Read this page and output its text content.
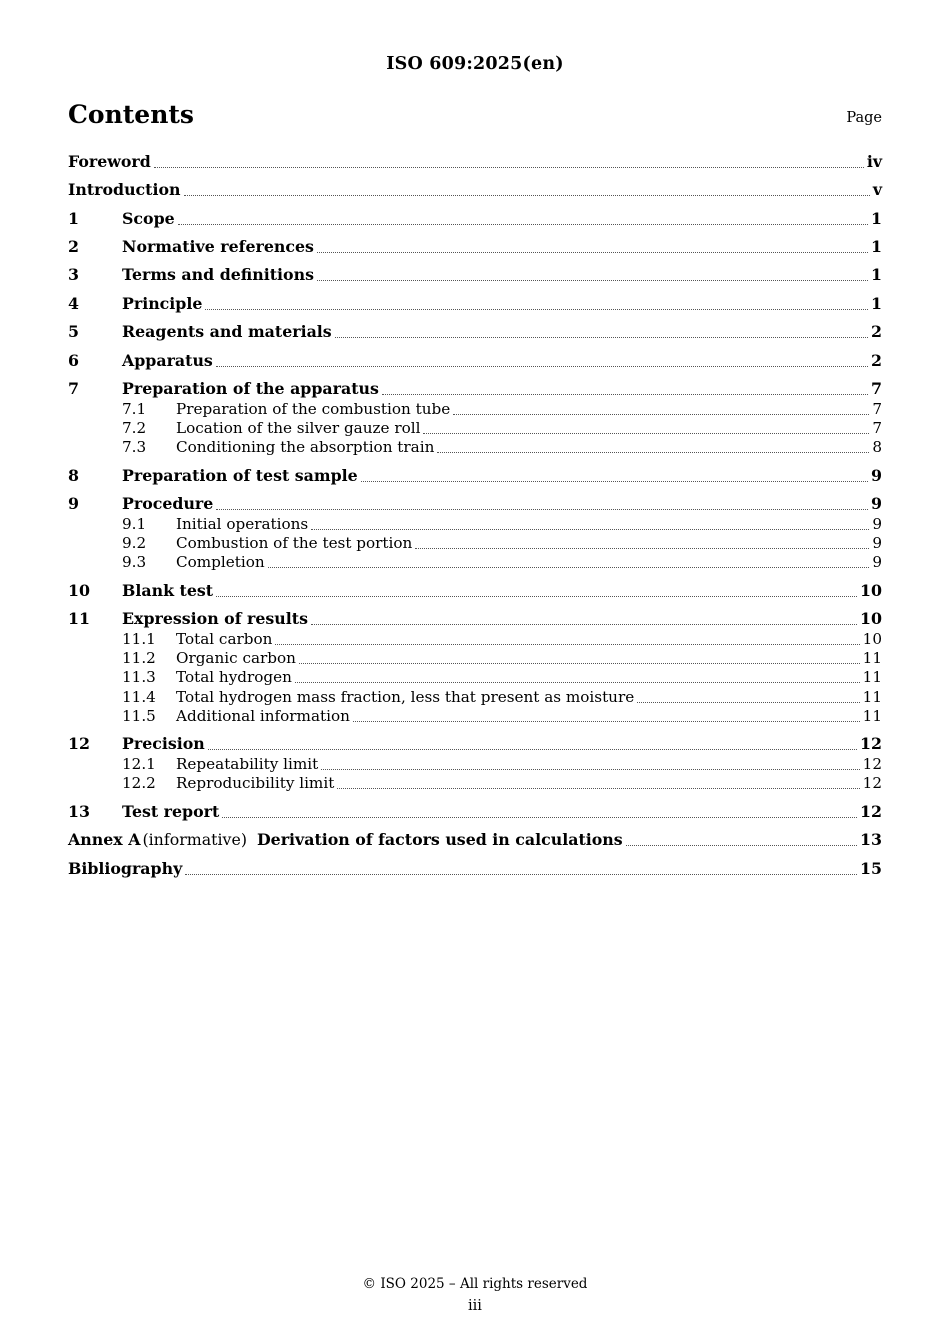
ISO 609:2025(en)
Contents	Page
Foreword	iv
Introduction	v
1	Scope	1
2	Normative references	1
3	Terms and definitions	1
4	Principle	1
5	Reagents and materials	2
6	Apparatus	2
7	Preparation of the apparatus	7
7.1	Preparation of the combustion tube	7
7.2	Location of the silver gauze roll	7
7.3	Conditioning the absorption train	8
8	Preparation of test sample	9
9	Procedure	9
9.1	Initial operations	9
9.2	Combustion of the test portion	9
9.3	Completion	9
10	Blank test	10
11	Expression of results	10
11.1	Total carbon	10
11.2	Organic carbon	11
11.3	Total hydrogen	11
11.4	Total hydrogen mass fraction, less that present as moisture	11
11.5	Additional information	11
12	Precision	12
12.1	Repeatability limit	12
12.2	Reproducibility limit	12
13	Test report	12
Annex A (informative) Derivation of factors used in calculations	13
Bibliography	15
© ISO 2025 – All rights reserved
iii
